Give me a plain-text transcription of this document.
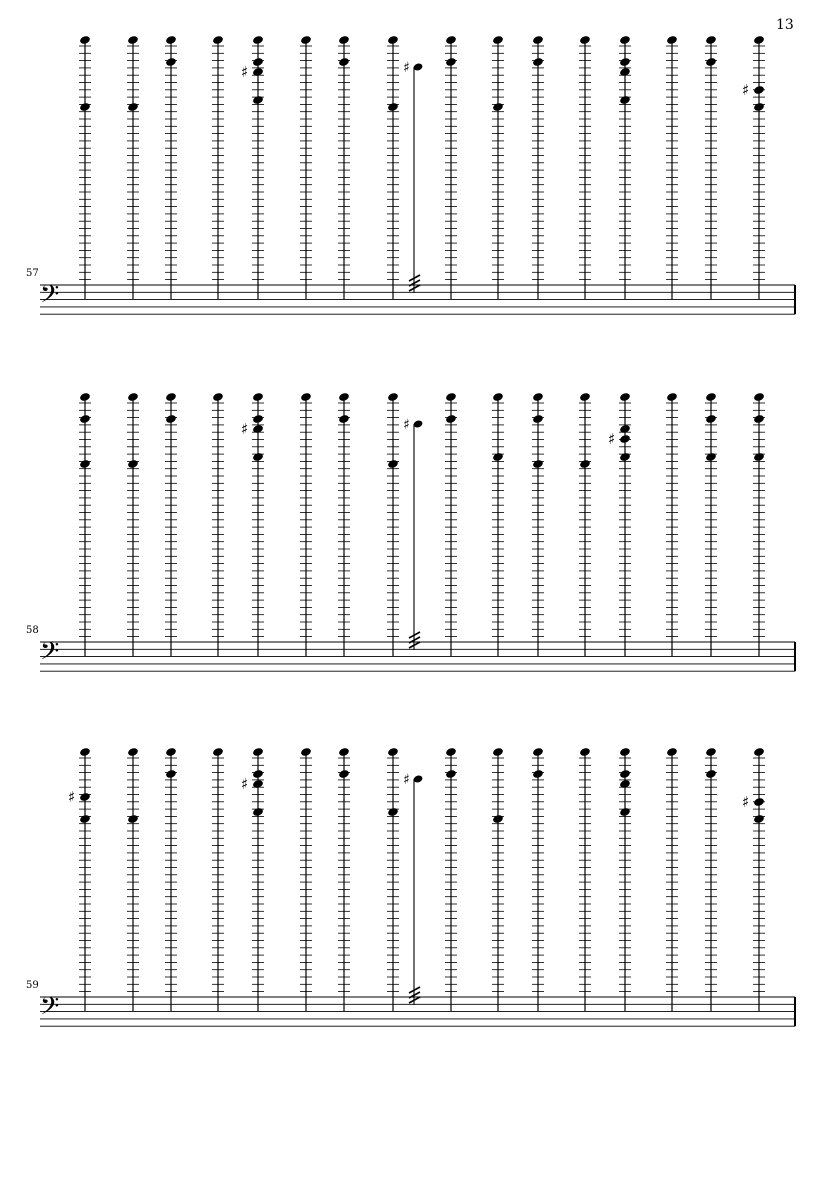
13
57
𝄢
♯	♯
♯
58
𝄢
♯	♯
♯
59
𝄢
♯
♯	♯
♯
